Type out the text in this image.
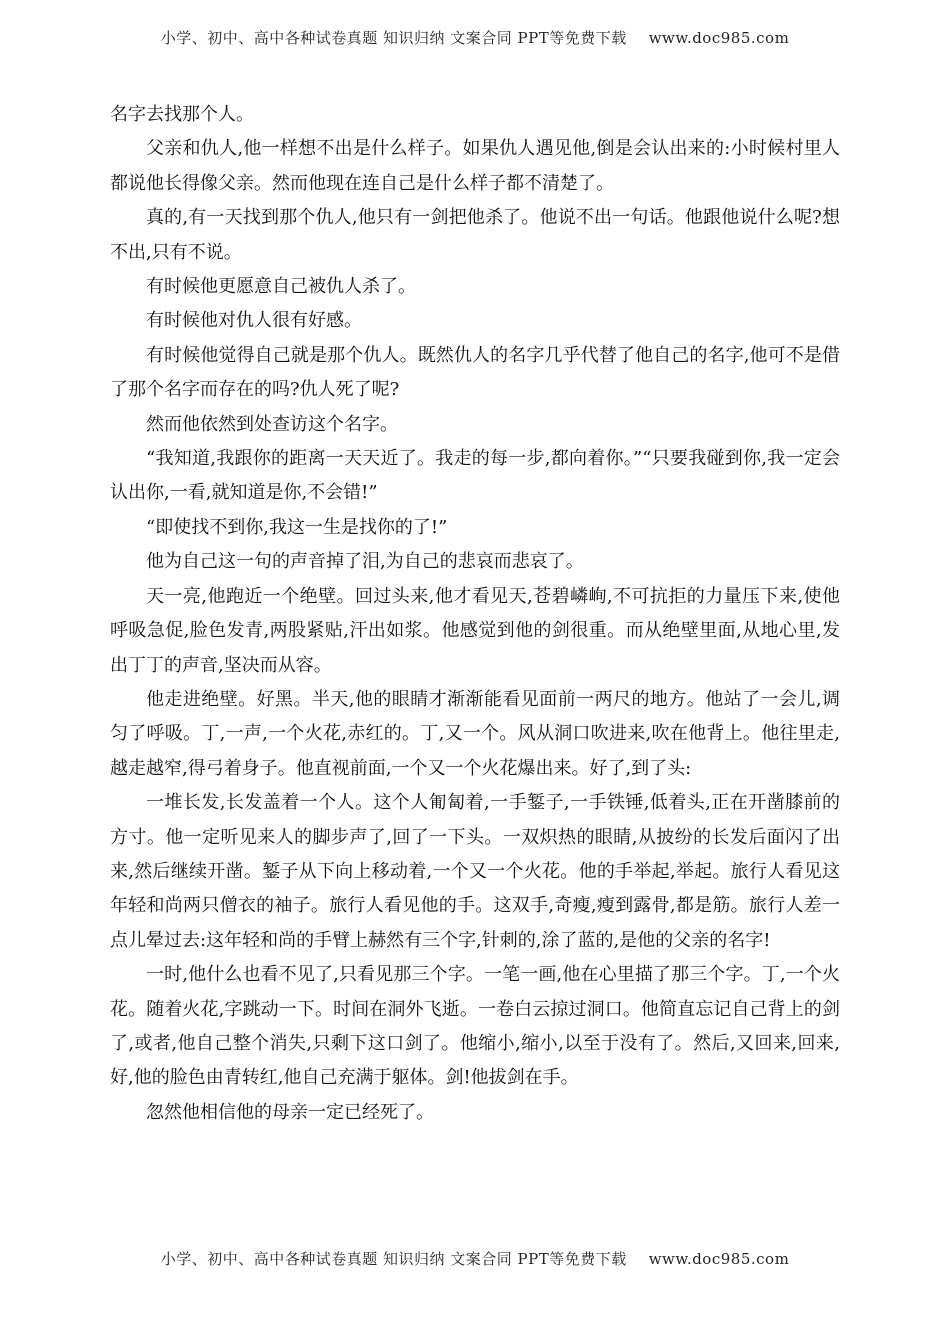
小学、初中、高中各种试卷真题 知识归纳 文案合同 PPT等免费下载 www.doc985.com

名字去找那个人。

父亲和仇人,他一样想不出是什么样子。如果仇人遇见他,倒是会认出来的:小时候村里人都说他长得像父亲。然而他现在连自己是什么样子都不清楚了。

真的,有一天找到那个仇人,他只有一剑把他杀了。他说不出一句话。他跟他说什么呢?想不出,只有不说。

有时候他更愿意自己被仇人杀了。

有时候他对仇人很有好感。

有时候他觉得自己就是那个仇人。既然仇人的名字几乎代替了他自己的名字,他可不是借了那个名字而存在的吗?仇人死了呢?

然而他依然到处查访这个名字。

“我知道,我跟你的距离一天天近了。我走的每一步,都向着你。”“只要我碰到你,我一定会认出你,一看,就知道是你,不会错!”

“即使找不到你,我这一生是找你的了!”

他为自己这一句的声音掉了泪,为自己的悲哀而悲哀了。

天一亮,他跑近一个绝壁。回过头来,他才看见天,苍碧嶙峋,不可抗拒的力量压下来,使他呼吸急促,脸色发青,两股紧贴,汗出如浆。他感觉到他的剑很重。而从绝壁里面,从地心里,发出丁丁的声音,坚决而从容。

他走进绝壁。好黑。半天,他的眼睛才渐渐能看见面前一两尺的地方。他站了一会儿,调匀了呼吸。丁,一声,一个火花,赤红的。丁,又一个。风从洞口吹进来,吹在他背上。他往里走,越走越窄,得弓着身子。他直视前面,一个又一个火花爆出来。好了,到了头:

一堆长发,长发盖着一个人。这个人匍匐着,一手錾子,一手铁锤,低着头,正在开凿膝前的方寸。他一定听见来人的脚步声了,回了一下头。一双炽热的眼睛,从披纷的长发后面闪了出来,然后继续开凿。錾子从下向上移动着,一个又一个火花。他的手举起,举起。旅行人看见这年轻和尚两只僧衣的袖子。旅行人看见他的手。这双手,奇瘦,瘦到露骨,都是筋。旅行人差一点儿晕过去:这年轻和尚的手臂上赫然有三个字,针刺的,涂了蓝的,是他的父亲的名字!

一时,他什么也看不见了,只看见那三个字。一笔一画,他在心里描了那三个字。丁,一个火花。随着火花,字跳动一下。时间在洞外飞逝。一卷白云掠过洞口。他简直忘记自己背上的剑了,或者,他自己整个消失,只剩下这口剑了。他缩小,缩小,以至于没有了。然后,又回来,回来,好,他的脸色由青转红,他自己充满于躯体。剑!他拔剑在手。

忽然他相信他的母亲一定已经死了。

小学、初中、高中各种试卷真题 知识归纳 文案合同 PPT等免费下载 www.doc985.com
